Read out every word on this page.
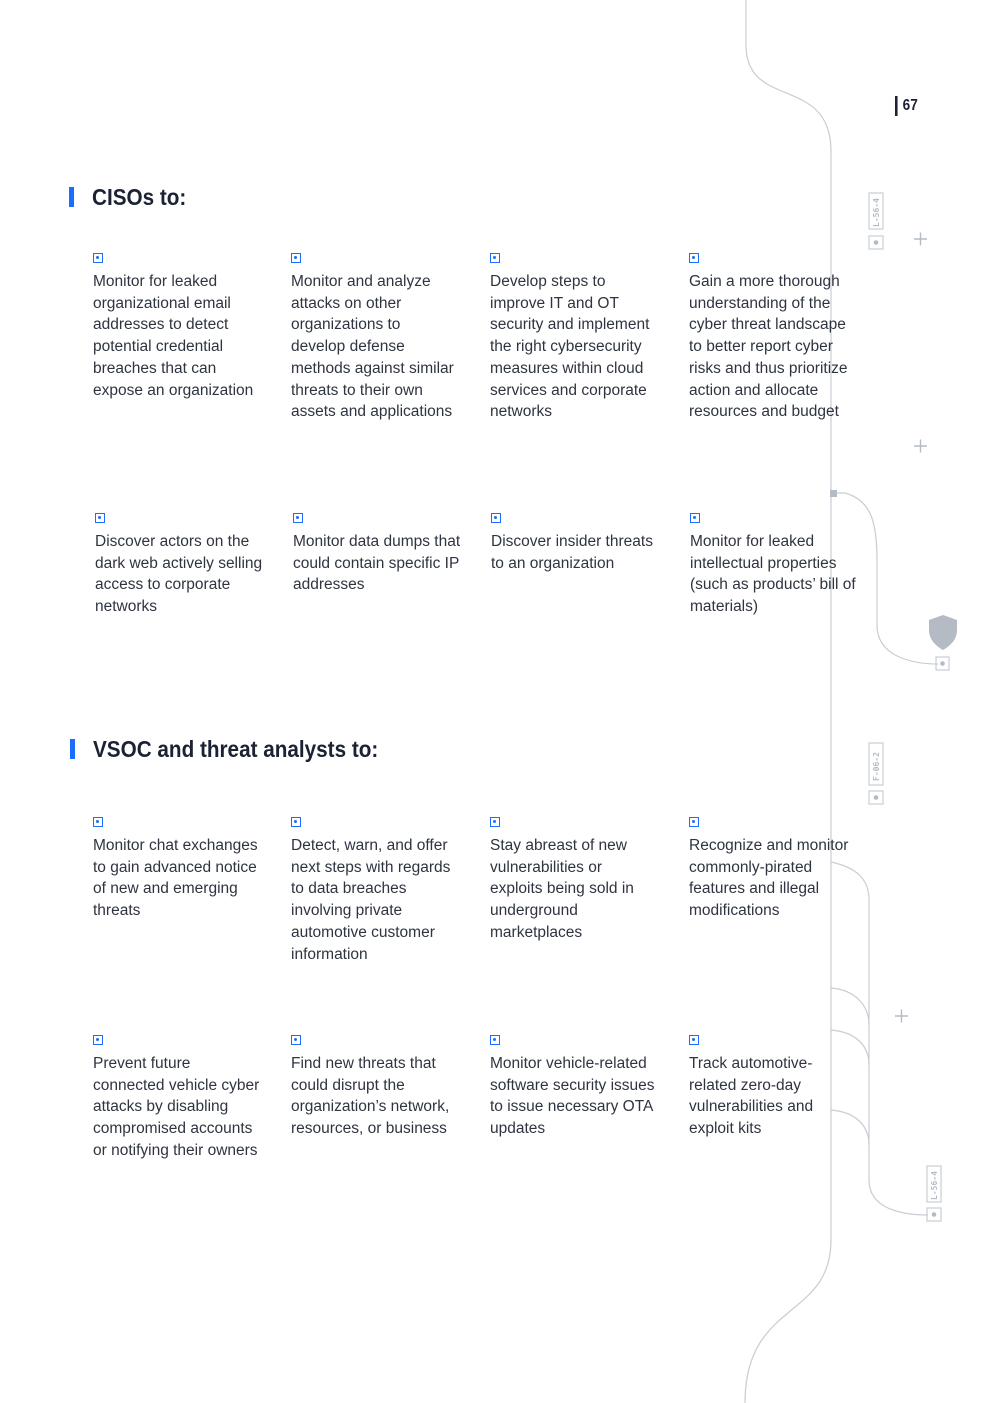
L-56-4
F-06-2
L-56-4
67
CISOs to:
Monitor for leaked organizational email addresses to detect potential credential breaches that can expose an organization
Monitor and analyze attacks on other organizations to develop defense methods against similar threats to their own assets and applications
Develop steps to improve IT and OT security and implement the right cybersecurity measures within cloud services and corporate networks
Gain a more thorough understanding of the cyber threat landscape to better report cyber risks and thus prioritize action and allocate resources and budget
Discover actors on the dark web actively selling access to corporate networks
Monitor data dumps that could contain specific IP addresses
Discover insider threats to an organization
Monitor for leaked intellectual properties (such as products’ bill of materials)
VSOC and threat analysts to:
Monitor chat exchanges to gain advanced notice of new and emerging threats
Detect, warn, and offer next steps with regards to data breaches involving private automotive customer information
Stay abreast of new vulnerabilities or exploits being sold in underground marketplaces
Recognize and monitor commonly-pirated features and illegal modifications
Prevent future connected vehicle cyber attacks by disabling compromised accounts or notifying their owners
Find new threats that could disrupt the organization’s network, resources, or business
Monitor vehicle-related software security issues to issue necessary OTA updates
Track automotive-related zero-day vulnerabilities and exploit kits
